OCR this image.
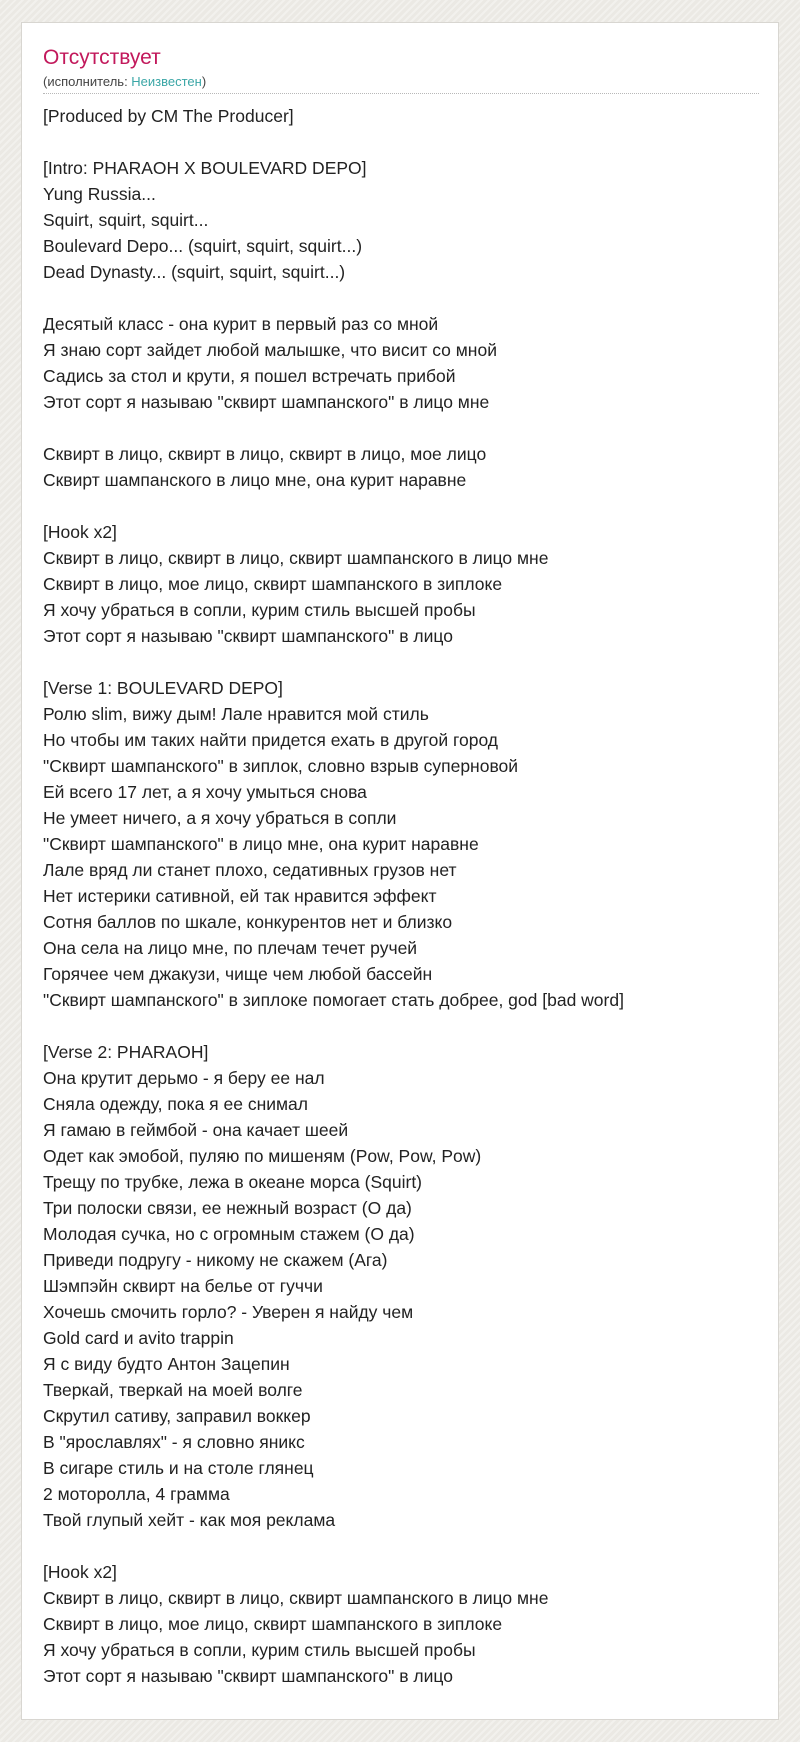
Отсутствует
(исполнитель: Неизвестен)
[Produced by CM The Producer]
[Intro: PHARAOH X BOULEVARD DEPO]
Yung Russia...
Squirt, squirt, squirt...
Boulevard Depo... (squirt, squirt, squirt...)
Dead Dynasty... (squirt, squirt, squirt...)
Десятый класс - она курит в первый раз со мной
Я знаю сорт зайдет любой малышке, что висит со мной
Садись за стол и крути, я пошел встречать прибой
Этот сорт я называю "сквирт шампанского" в лицо мне
Сквирт в лицо, сквирт в лицо, сквирт в лицо, мое лицо
Сквирт шампанского в лицо мне, она курит наравне
[Hook x2]
Сквирт в лицо, сквирт в лицо, сквирт шампанского в лицо мне
Сквирт в лицо, мое лицо, сквирт шампанского в зиплоке
Я хочу убраться в сопли, курим стиль высшей пробы
Этот сорт я называю "сквирт шампанского" в лицо
[Verse 1: BOULEVARD DEPO]
Ролю slim, вижу дым! Лале нравится мой стиль
Но чтобы им таких найти придется ехать в другой город
"Сквирт шампанского" в зиплок, словно взрыв суперновой
Ей всего 17 лет, а я хочу умыться снова
Не умеет ничего, а я хочу убраться в сопли
"Сквирт шампанского" в лицо мне, она курит наравне
Лале вряд ли станет плохо, седативных грузов нет
Нет истерики сативной, ей так нравится эффект
Сотня баллов по шкале, конкурентов нет и близко
Она села на лицо мне, по плечам течет ручей
Горячее чем джакузи, чище чем любой бассейн
"Сквирт шампанского" в зиплоке помогает стать добрее, god [bad word]
[Verse 2: PHARAOH]
Она крутит дерьмо - я беру ее нал
Сняла одежду, пока я ее снимал
Я гамаю в геймбой - она качает шеей
Одет как эмобой, пуляю по мишеням (Pow, Pow, Pow)
Трещу по трубке, лежа в океане морса (Squirt)
Три полоски связи, ее нежный возраст (О да)
Молодая сучка, но с огромным стажем (О да)
Приведи подругу - никому не скажем (Ага)
Шэмпэйн сквирт на белье от гуччи
Хочешь смочить горло? - Уверен я найду чем
Gold card и avito trappin
Я с виду будто Антон Зацепин
Тверкай, тверкай на моей волге
Скрутил сативу, заправил воккер
В "ярославлях" - я словно яникс
В сигаре стиль и на столе глянец
2 моторолла, 4 грамма
Твой глупый хейт - как моя реклама
[Hook x2]
Сквирт в лицо, сквирт в лицо, сквирт шампанского в лицо мне
Сквирт в лицо, мое лицо, сквирт шампанского в зиплоке
Я хочу убраться в сопли, курим стиль высшей пробы
Этот сорт я называю "сквирт шампанского" в лицо
